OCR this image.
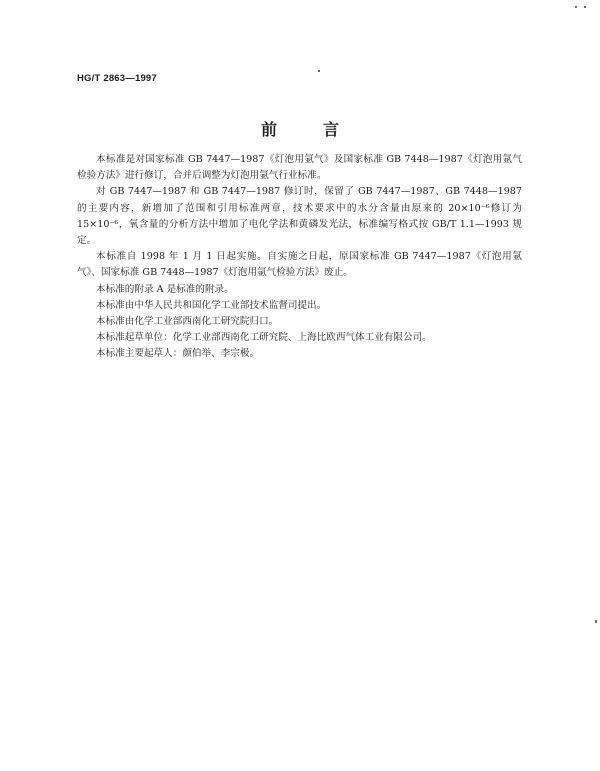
HG/T 2863—1997
前言

本标准是对国家标准 GB 7447—1987《灯泡用氩气》及国家标准 GB 7448—1987《灯泡用氩气检验方法》进行修订，合并后调整为灯泡用氩气行业标准。

对 GB 7447—1987 和 GB 7447—1987 修订时，保留了 GB 7447—1987、GB 7448—1987 的主要内容，新增加了范围和引用标准两章，技术要求中的水分含量由原来的 20×10⁻⁶修订为 15×10⁻⁶，氧含量的分析方法中增加了电化学法和黄磷发光法，标准编写格式按 GB/T 1.1—1993 规定。

本标准自 1998 年 1 月 1 日起实施。自实施之日起，原国家标准 GB 7447—1987《灯泡用氩气》、国家标准 GB 7448—1987《灯泡用氩气检验方法》废止。

本标准的附录 A 是标准的附录。

本标准由中华人民共和国化学工业部技术监督司提出。

本标准由化学工业部西南化工研究院归口。

本标准起草单位：化学工业部西南化工研究院、上海比欧西气体工业有限公司。

本标准主要起草人：颜伯举、李宗极。
